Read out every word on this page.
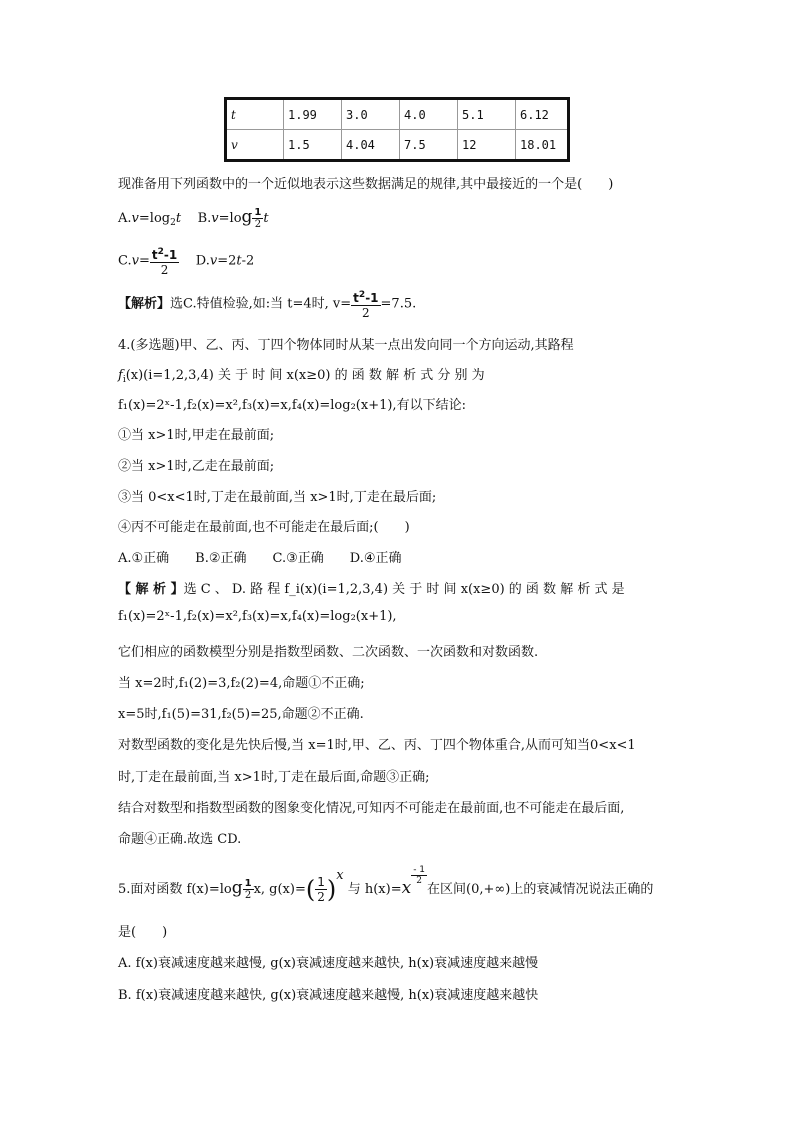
t	1.99	3.0	4.0	5.1	6.12
v	1.5	4.04	7.5	12	18.01
现准备用下列函数中的一个近似地表示这些数据满足的规律,其中最接近的一个是(　　)
$A.v=\log_2t$ $B.v=\log \frac{1}{2}$ t
$C.v= \frac{t^2-1}{2} D.v=2t-2$
【解析】选C.特值检验,如:当 t=4时, $v= \frac{t^2-1}{2} =7.5$.
4.(多选题)甲、乙、丙、丁四个物体同时从某一点出发向同一个方向运动,其路程
$f_i(x)(i=1,2,3,4)$ 关 于 时 间 x(x≥0) 的 函 数 解 析 式 分 别 为
f₁(x)=2ˣ-1,f₂(x)=x²,f₃(x)=x,f₄(x)=log₂(x+1),有以下结论:
①当 x>1时,甲走在最前面;
②当 x>1时,乙走在最前面;
③当 0<x<1时,丁走在最前面,当 x>1时,丁走在最后面;
④丙不可能走在最前面,也不可能走在最后面;(　　)
A.①正确　　B.②正确　　C.③正确　　D.④正确
【 解 析 】选 C 、 D. 路 程 f_i(x)(i=1,2,3,4) 关 于 时 间 x(x≥0) 的 函 数 解 析 式 是
f₁(x)=2ˣ-1,f₂(x)=x²,f₃(x)=x,f₄(x)=log₂(x+1),
它们相应的函数模型分别是指数型函数、二次函数、一次函数和对数函数.
当 x=2时,f₁(2)=3,f₂(2)=4,命题①不正确;
x=5时,f₁(5)=31,f₂(5)=25,命题②不正确.
对数型函数的变化是先快后慢,当 x=1时,甲、乙、丙、丁四个物体重合,从而可知当0<x<1
时,丁走在最前面,当 x>1时,丁走在最后面,命题③正确;
结合对数型和指数型函数的图象变化情况,可知丙不可能走在最前面,也不可能走在最后面,
命题④正确.故选 CD.
5.面对函数 $f(x)=\log \frac{1}{2} x$, $g(x)=( \frac{1}{2} )x$ 与 h(x)=x
$\frac{- 1}{2}$
在区间(0,+∞)上的衰减情况说法正确的
是(　　)
A. f(x)衰减速度越来越慢, g(x)衰减速度越来越快, h(x)衰减速度越来越慢
B. f(x)衰减速度越来越快, g(x)衰减速度越来越慢, h(x)衰减速度越来越快
